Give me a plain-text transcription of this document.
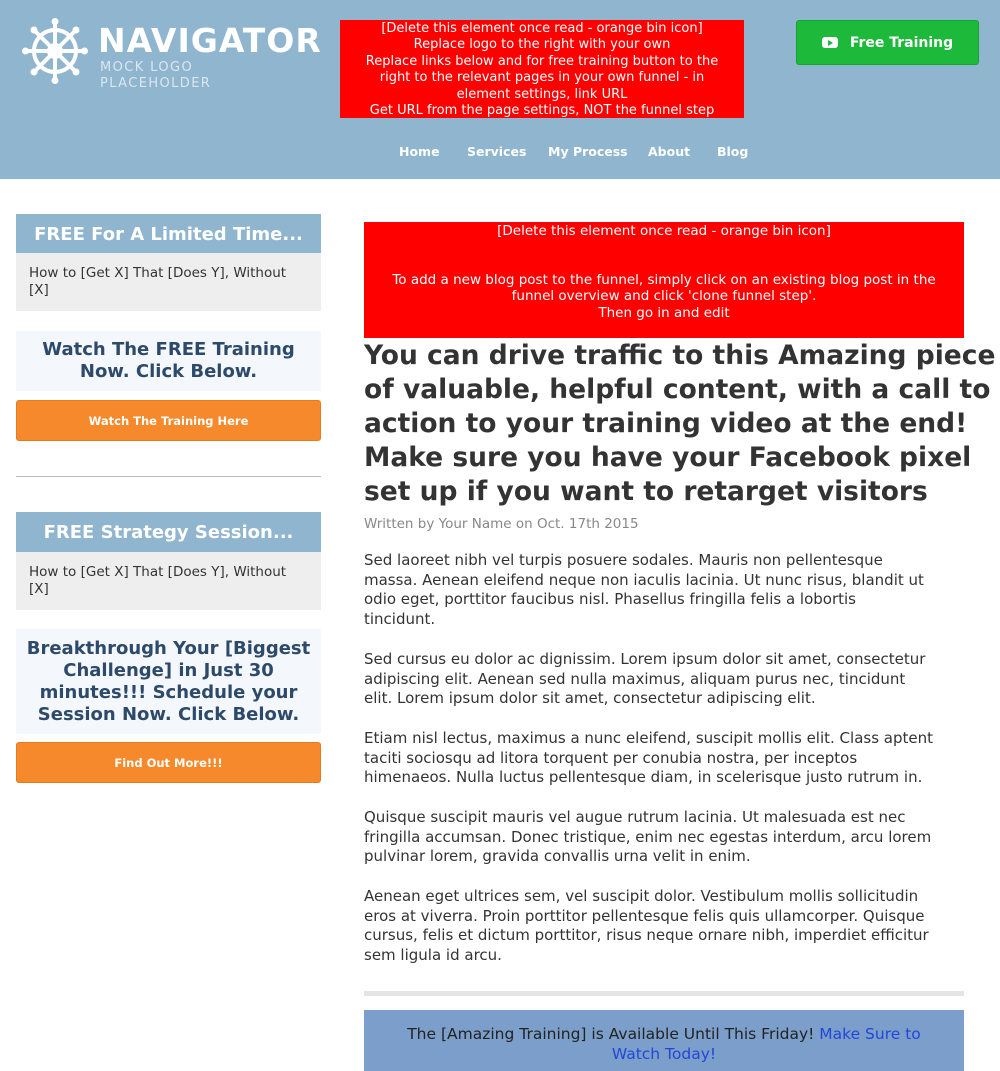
NAVIGATOR
MOCK LOGO PLACEHOLDER
[Delete this element once read - orange bin icon]
Replace logo to the right with your own
Replace links below and for free training button to the
right to the relevant pages in your own funnel - in
element settings, link URL
Get URL from the page settings, NOT the funnel step
Free Training
Home Services My Process About Blog
FREE For A Limited Time...
How to [Get X] That [Does Y], Without [X]
Watch The FREE Training Now. Click Below.
Watch The Training Here
FREE Strategy Session...
How to [Get X] That [Does Y], Without [X]
Breakthrough Your [Biggest Challenge] in Just 30 minutes!!! Schedule your Session Now. Click Below.
Find Out More!!!
[Delete this element once read - orange bin icon]
To add a new blog post to the funnel, simply click on an existing blog post in the
funnel overview and click 'clone funnel step'.
Then go in and edit
You can drive traffic to this Amazing piece
of valuable, helpful content, with a call to
action to your training video at the end!
Make sure you have your Facebook pixel
set up if you want to retarget visitors
Written by Your Name on Oct. 17th 2015
Sed laoreet nibh vel turpis posuere sodales. Mauris non pellentesque
massa. Aenean eleifend neque non iaculis lacinia. Ut nunc risus, blandit ut
odio eget, porttitor faucibus nisl. Phasellus fringilla felis a lobortis
tincidunt.
Sed cursus eu dolor ac dignissim. Lorem ipsum dolor sit amet, consectetur
adipiscing elit. Aenean sed nulla maximus, aliquam purus nec, tincidunt
elit. Lorem ipsum dolor sit amet, consectetur adipiscing elit.
Etiam nisl lectus, maximus a nunc eleifend, suscipit mollis elit. Class aptent
taciti sociosqu ad litora torquent per conubia nostra, per inceptos
himenaeos. Nulla luctus pellentesque diam, in scelerisque justo rutrum in.
Quisque suscipit mauris vel augue rutrum lacinia. Ut malesuada est nec
fringilla accumsan. Donec tristique, enim nec egestas interdum, arcu lorem
pulvinar lorem, gravida convallis urna velit in enim.
Aenean eget ultrices sem, vel suscipit dolor. Vestibulum mollis sollicitudin
eros at viverra. Proin porttitor pellentesque felis quis ullamcorper. Quisque
cursus, felis et dictum porttitor, risus neque ornare nibh, imperdiet efficitur
sem ligula id arcu.
The [Amazing Training] is Available Until This Friday! Make Sure to
Watch Today!
